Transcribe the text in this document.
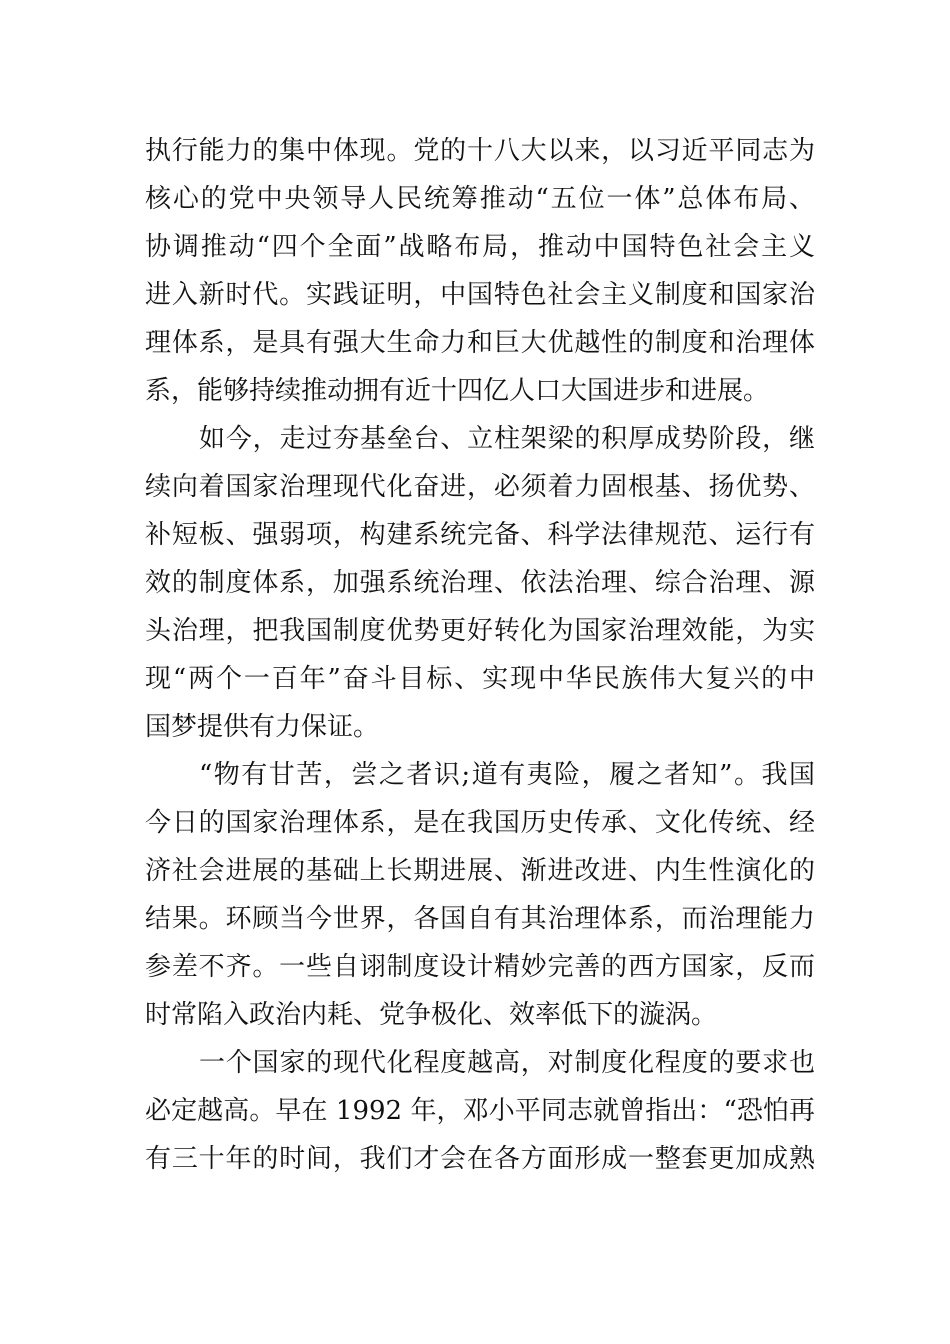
执行能力的集中体现。党的十八大以来，以习近平同志为
核心的党中央领导人民统筹推动“五位一体”总体布局、
协调推动“四个全面”战略布局，推动中国特色社会主义
进入新时代。实践证明，中国特色社会主义制度和国家治
理体系，是具有强大生命力和巨大优越性的制度和治理体
系，能够持续推动拥有近十四亿人口大国进步和进展。
如今，走过夯基垒台、立柱架梁的积厚成势阶段，继
续向着国家治理现代化奋进，必须着力固根基、扬优势、
补短板、强弱项，构建系统完备、科学法律规范、运行有
效的制度体系，加强系统治理、依法治理、综合治理、源
头治理，把我国制度优势更好转化为国家治理效能，为实
现“两个一百年”奋斗目标、实现中华民族伟大复兴的中
国梦提供有力保证。
“物有甘苦，尝之者识;道有夷险，履之者知”。我国
今日的国家治理体系，是在我国历史传承、文化传统、经
济社会进展的基础上长期进展、渐进改进、内生性演化的
结果。环顾当今世界，各国自有其治理体系，而治理能力
参差不齐。一些自诩制度设计精妙完善的西方国家，反而
时常陷入政治内耗、党争极化、效率低下的漩涡。
一个国家的现代化程度越高，对制度化程度的要求也
必定越高。早在 1992 年，邓小平同志就曾指出：“恐怕再
有三十年的时间，我们才会在各方面形成一整套更加成熟
